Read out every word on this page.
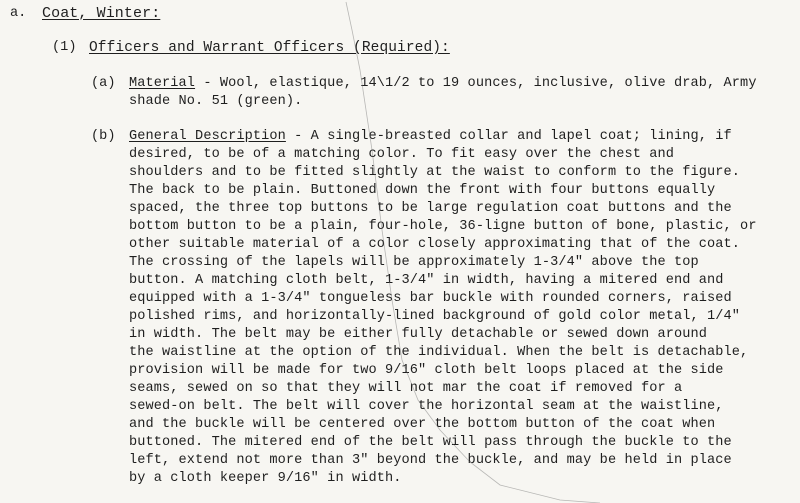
a. Coat, Winter:
(1) Officers and Warrant Officers (Required):
(a) Material - Wool, elastique, 14\1/2 to 19 ounces, inclusive, olive drab, Army
shade No. 51 (green).
(b) General Description - A single-breasted collar and lapel coat; lining, if
desired, to be of a matching color. To fit easy over the chest and
shoulders and to be fitted slightly at the waist to conform to the figure.
The back to be plain. Buttoned down the front with four buttons equally
spaced, the three top buttons to be large regulation coat buttons and the
bottom button to be a plain, four-hole, 36-ligne button of bone, plastic, or
other suitable material of a color closely approximating that of the coat.
The crossing of the lapels will be approximately 1-3/4" above the top
button. A matching cloth belt, 1-3/4" in width, having a mitered end and
equipped with a 1-3/4" tongueless bar buckle with rounded corners, raised
polished rims, and horizontally-lined background of gold color metal, 1/4"
in width. The belt may be either fully detachable or sewed down around
the waistline at the option of the individual. When the belt is detachable,
provision will be made for two 9/16" cloth belt loops placed at the side
seams, sewed on so that they will not mar the coat if removed for a
sewed-on belt. The belt will cover the horizontal seam at the waistline,
and the buckle will be centered over the bottom button of the coat when
buttoned. The mitered end of the belt will pass through the buckle to the
left, extend not more than 3" beyond the buckle, and may be held in place
by a cloth keeper 9/16" in width.
